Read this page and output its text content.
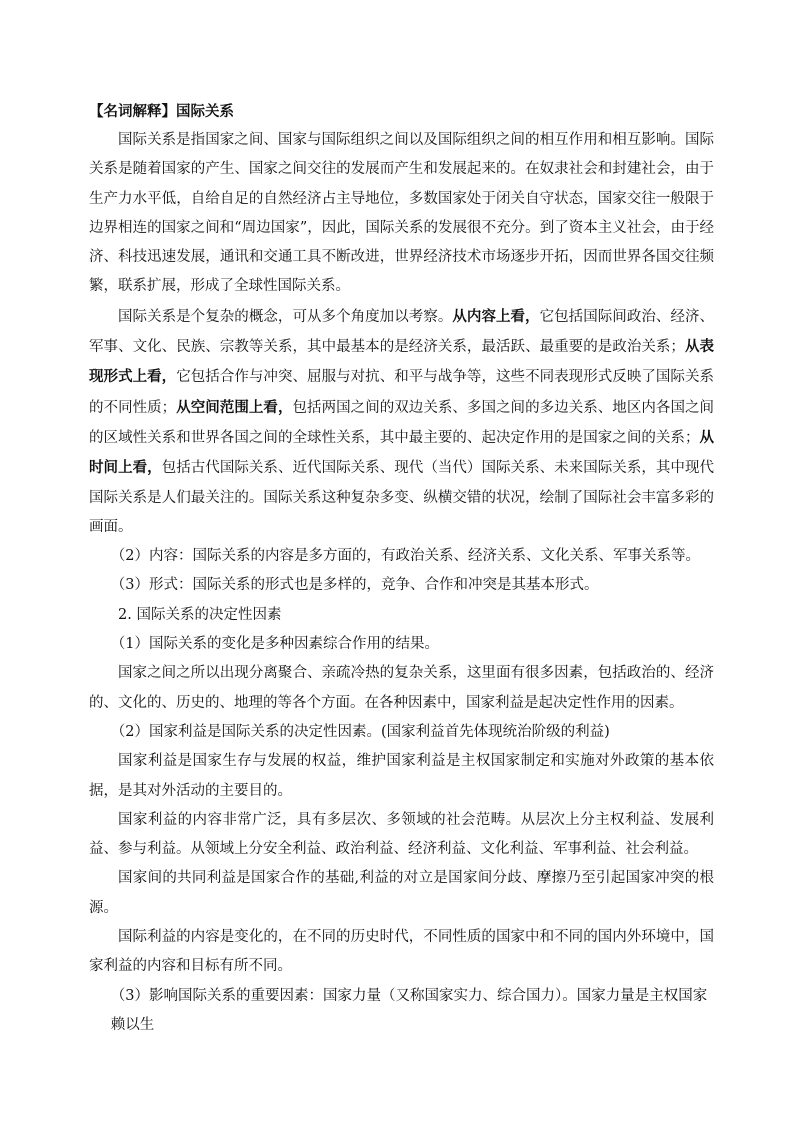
【名词解释】国际关系

国际关系是指国家之间、国家与国际组织之间以及国际组织之间的相互作用和相互影响。国际关系是随着国家的产生、国家之间交往的发展而产生和发展起来的。在奴隶社会和封建社会，由于生产力水平低，自给自足的自然经济占主导地位，多数国家处于闭关自守状态，国家交往一般限于边界相连的国家之间和“周边国家”，因此，国际关系的发展很不充分。到了资本主义社会，由于经济、科技迅速发展，通讯和交通工具不断改进，世界经济技术市场逐步开拓，因而世界各国交往频繁，联系扩展，形成了全球性国际关系。

国际关系是个复杂的概念，可从多个角度加以考察。从内容上看，它包括国际间政治、经济、军事、文化、民族、宗教等关系，其中最基本的是经济关系，最活跃、最重要的是政治关系；从表现形式上看，它包括合作与冲突、屈服与对抗、和平与战争等，这些不同表现形式反映了国际关系的不同性质；从空间范围上看，包括两国之间的双边关系、多国之间的多边关系、地区内各国之间的区域性关系和世界各国之间的全球性关系，其中最主要的、起决定作用的是国家之间的关系；从时间上看，包括古代国际关系、近代国际关系、现代（当代）国际关系、未来国际关系，其中现代国际关系是人们最关注的。国际关系这种复杂多变、纵横交错的状况，绘制了国际社会丰富多彩的画面。

（2）内容：国际关系的内容是多方面的，有政治关系、经济关系、文化关系、军事关系等。

（3）形式：国际关系的形式也是多样的，竞争、合作和冲突是其基本形式。

2. 国际关系的决定性因素

（1）国际关系的变化是多种因素综合作用的结果。

国家之间之所以出现分离聚合、亲疏冷热的复杂关系，这里面有很多因素，包括政治的、经济的、文化的、历史的、地理的等各个方面。在各种因素中，国家利益是起决定性作用的因素。

（2）国家利益是国际关系的决定性因素。(国家利益首先体现统治阶级的利益)

国家利益是国家生存与发展的权益，维护国家利益是主权国家制定和实施对外政策的基本依据，是其对外活动的主要目的。

国家利益的内容非常广泛，具有多层次、多领域的社会范畴。从层次上分主权利益、发展利益、参与利益。从领域上分安全利益、政治利益、经济利益、文化利益、军事利益、社会利益。

国家间的共同利益是国家合作的基础,利益的对立是国家间分歧、摩擦乃至引起国家冲突的根源。

国际利益的内容是变化的，在不同的历史时代，不同性质的国家中和不同的国内外环境中，国家利益的内容和目标有所不同。

（3）影响国际关系的重要因素：国家力量（又称国家实力、综合国力）。国家力量是主权国家赖以生
